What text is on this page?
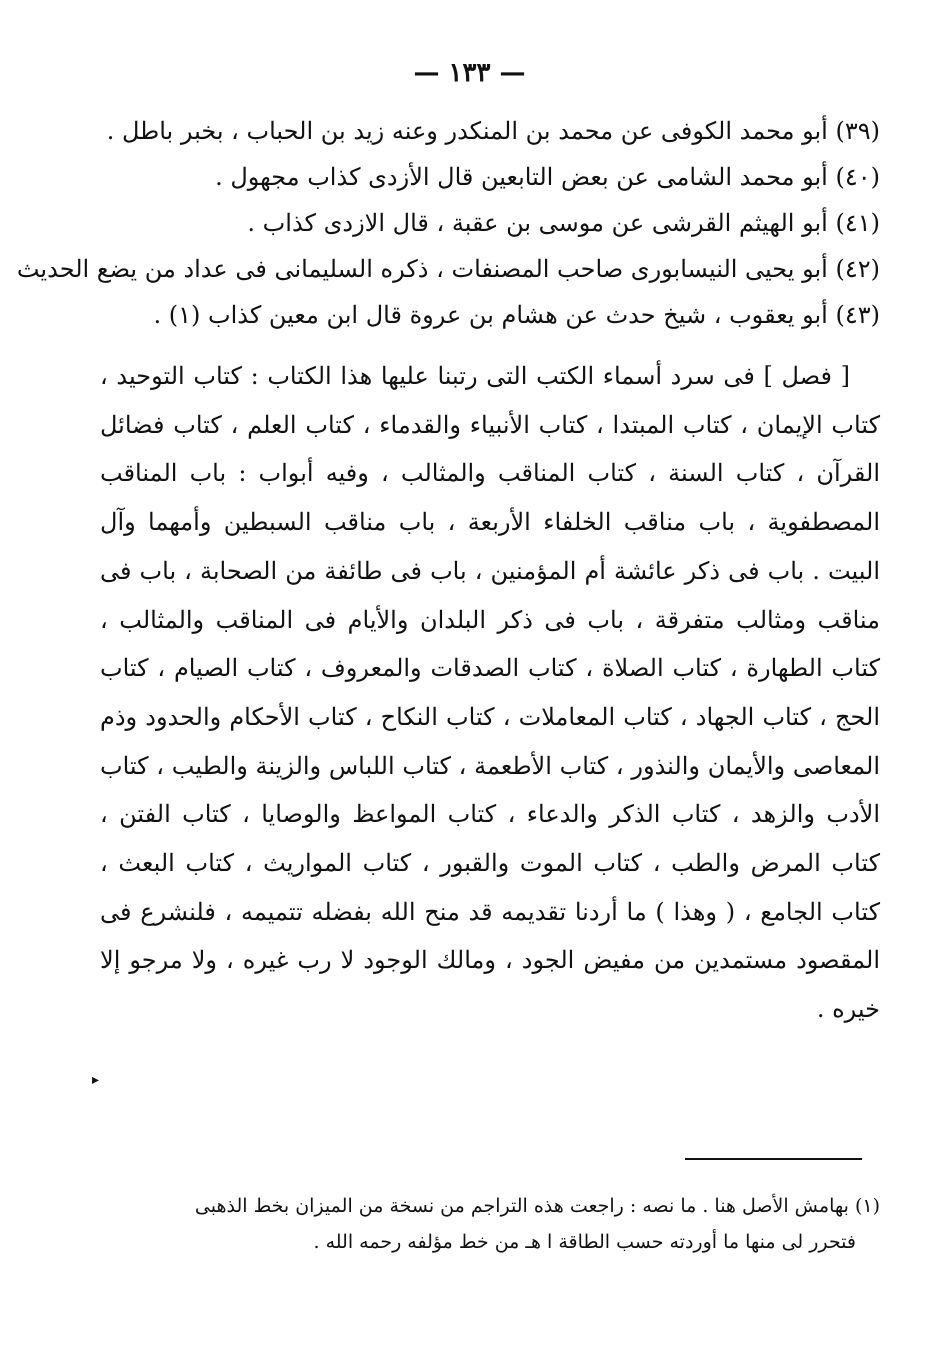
— ١٣٣ —
(٣٩) أبو محمد الكوفى عن محمد بن المنكدر وعنه زيد بن الحباب ، بخبر باطل .
(٤٠) أبو محمد الشامى عن بعض التابعين قال الأزدى كذاب مجهول .
(٤١) أبو الهيثم القرشى عن موسى بن عقبة ، قال الازدى كذاب .
(٤٢) أبو يحيى النيسابورى صاحب المصنفات ، ذكره السليمانى فى عداد من يضع الحديث
(٤٣) أبو يعقوب ، شيخ حدث عن هشام بن عروة قال ابن معين كذاب (١) .
[ فصل ] فى سرد أسماء الكتب التى رتبنا عليها هذا الكتاب : كتاب التوحيد ، كتاب الإيمان ، كتاب المبتدا ، كتاب الأنبياء والقدماء ، كتاب العلم ، كتاب فضائل القرآن ، كتاب السنة ، كتاب المناقب والمثالب ، وفيه أبواب : باب المناقب المصطفوية ، باب مناقب الخلفاء الأربعة ، باب مناقب السبطين وأمهما وآل البيت . باب فى ذكر عائشة أم المؤمنين ، باب فى طائفة من الصحابة ، باب فى مناقب ومثالب متفرقة ، باب فى ذكر البلدان والأيام فى المناقب والمثالب ، كتاب الطهارة ، كتاب الصلاة ، كتاب الصدقات والمعروف ، كتاب الصيام ، كتاب الحج ، كتاب الجهاد ، كتاب المعاملات ، كتاب النكاح ، كتاب الأحكام والحدود وذم المعاصى والأيمان والنذور ، كتاب الأطعمة ، كتاب اللباس والزينة والطيب ، كتاب الأدب والزهد ، كتاب الذكر والدعاء ، كتاب المواعظ والوصايا ، كتاب الفتن ، كتاب المرض والطب ، كتاب الموت والقبور ، كتاب المواريث ، كتاب البعث ، كتاب الجامع ، ( وهذا ) ما أردنا تقديمه قد منح الله بفضله تتميمه ، فلنشرع فى المقصود مستمدين من مفيض الجود ، ومالك الوجود لا رب غيره ، ولا مرجو إلا خيره .
▸
(١) بهامش الأصل هنا . ما نصه : راجعت هذه التراجم من نسخة من الميزان بخط الذهبى
فتحرر لى منها ما أوردته حسب الطاقة ا هـ من خط مؤلفه رحمه الله .
